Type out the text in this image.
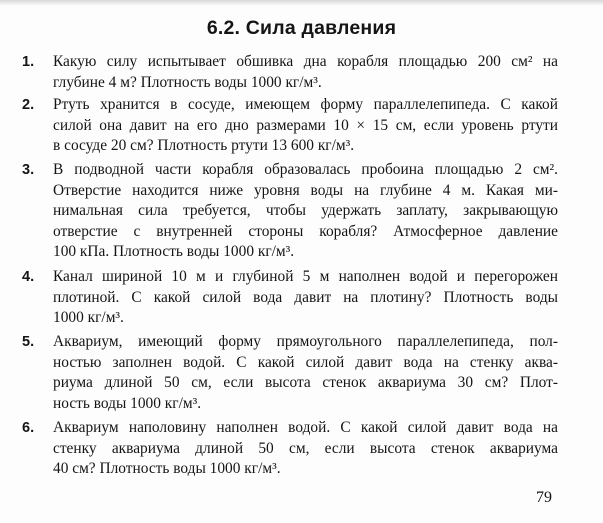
6.2. Сила давления
1.	Какую силу испытывает обшивка дна корабля площадью 200 см² на
глубине 4 м? Плотность воды 1000 кг/м³.
2.	Ртуть хранится в сосуде, имеющем форму параллелепипеда. С какой
силой она давит на его дно размерами 10 × 15 см, если уровень ртути
в сосуде 20 см? Плотность ртути 13 600 кг/м³.
3.	В подводной части корабля образовалась пробоина площадью 2 см².
Отверстие находится ниже уровня воды на глубине 4 м. Какая ми-
нимальная сила требуется, чтобы удержать заплату, закрывающую
отверстие с внутренней стороны корабля? Атмосферное давление
100 кПа. Плотность воды 1000 кг/м³.
4.	Канал шириной 10 м и глубиной 5 м наполнен водой и перегорожен
плотиной. С какой силой вода давит на плотину? Плотность воды
1000 кг/м³.
5.	Аквариум, имеющий форму прямоугольного параллелепипеда, пол-
ностью заполнен водой. С какой силой давит вода на стенку аква-
риума длиной 50 см, если высота стенок аквариума 30 см? Плот-
ность воды 1000 кг/м³.
6.	Аквариум наполовину наполнен водой. С какой силой давит вода на
стенку аквариума длиной 50 см, если высота стенок аквариума
40 см? Плотность воды 1000 кг/м³.
79
